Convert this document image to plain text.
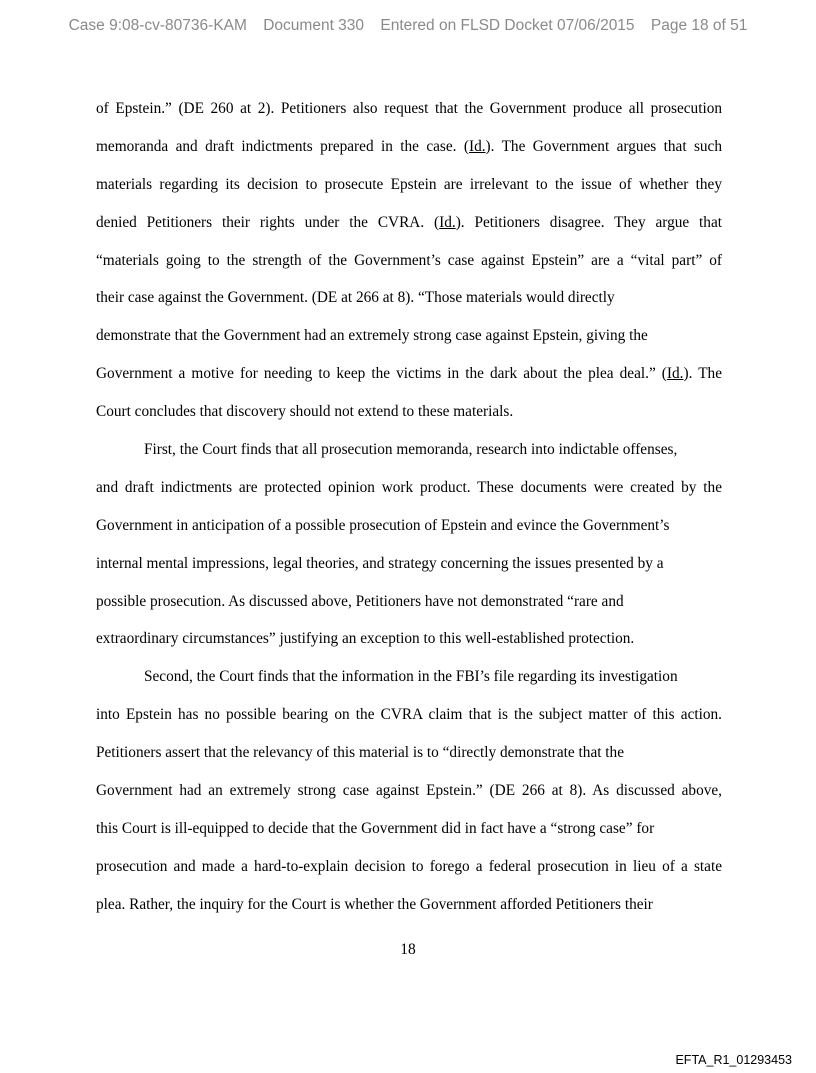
Case 9:08-cv-80736-KAM Document 330 Entered on FLSD Docket 07/06/2015 Page 18 of 51
of Epstein.” (DE 260 at 2). Petitioners also request that the Government produce all prosecution
memoranda and draft indictments prepared in the case. (Id.). The Government argues that such
materials regarding its decision to prosecute Epstein are irrelevant to the issue of whether they
denied Petitioners their rights under the CVRA. (Id.). Petitioners disagree. They argue that
“materials going to the strength of the Government’s case against Epstein” are a “vital part” of
their case against the Government. (DE at 266 at 8). “Those materials would directly
demonstrate that the Government had an extremely strong case against Epstein, giving the
Government a motive for needing to keep the victims in the dark about the plea deal.” (Id.). The
Court concludes that discovery should not extend to these materials.
First, the Court finds that all prosecution memoranda, research into indictable offenses,
and draft indictments are protected opinion work product. These documents were created by the
Government in anticipation of a possible prosecution of Epstein and evince the Government’s
internal mental impressions, legal theories, and strategy concerning the issues presented by a
possible prosecution. As discussed above, Petitioners have not demonstrated “rare and
extraordinary circumstances” justifying an exception to this well-established protection.
Second, the Court finds that the information in the FBI’s file regarding its investigation
into Epstein has no possible bearing on the CVRA claim that is the subject matter of this action.
Petitioners assert that the relevancy of this material is to “directly demonstrate that the
Government had an extremely strong case against Epstein.” (DE 266 at 8). As discussed above,
this Court is ill-equipped to decide that the Government did in fact have a “strong case” for
prosecution and made a hard-to-explain decision to forego a federal prosecution in lieu of a state
plea. Rather, the inquiry for the Court is whether the Government afforded Petitioners their
18
EFTA_R1_01293453
